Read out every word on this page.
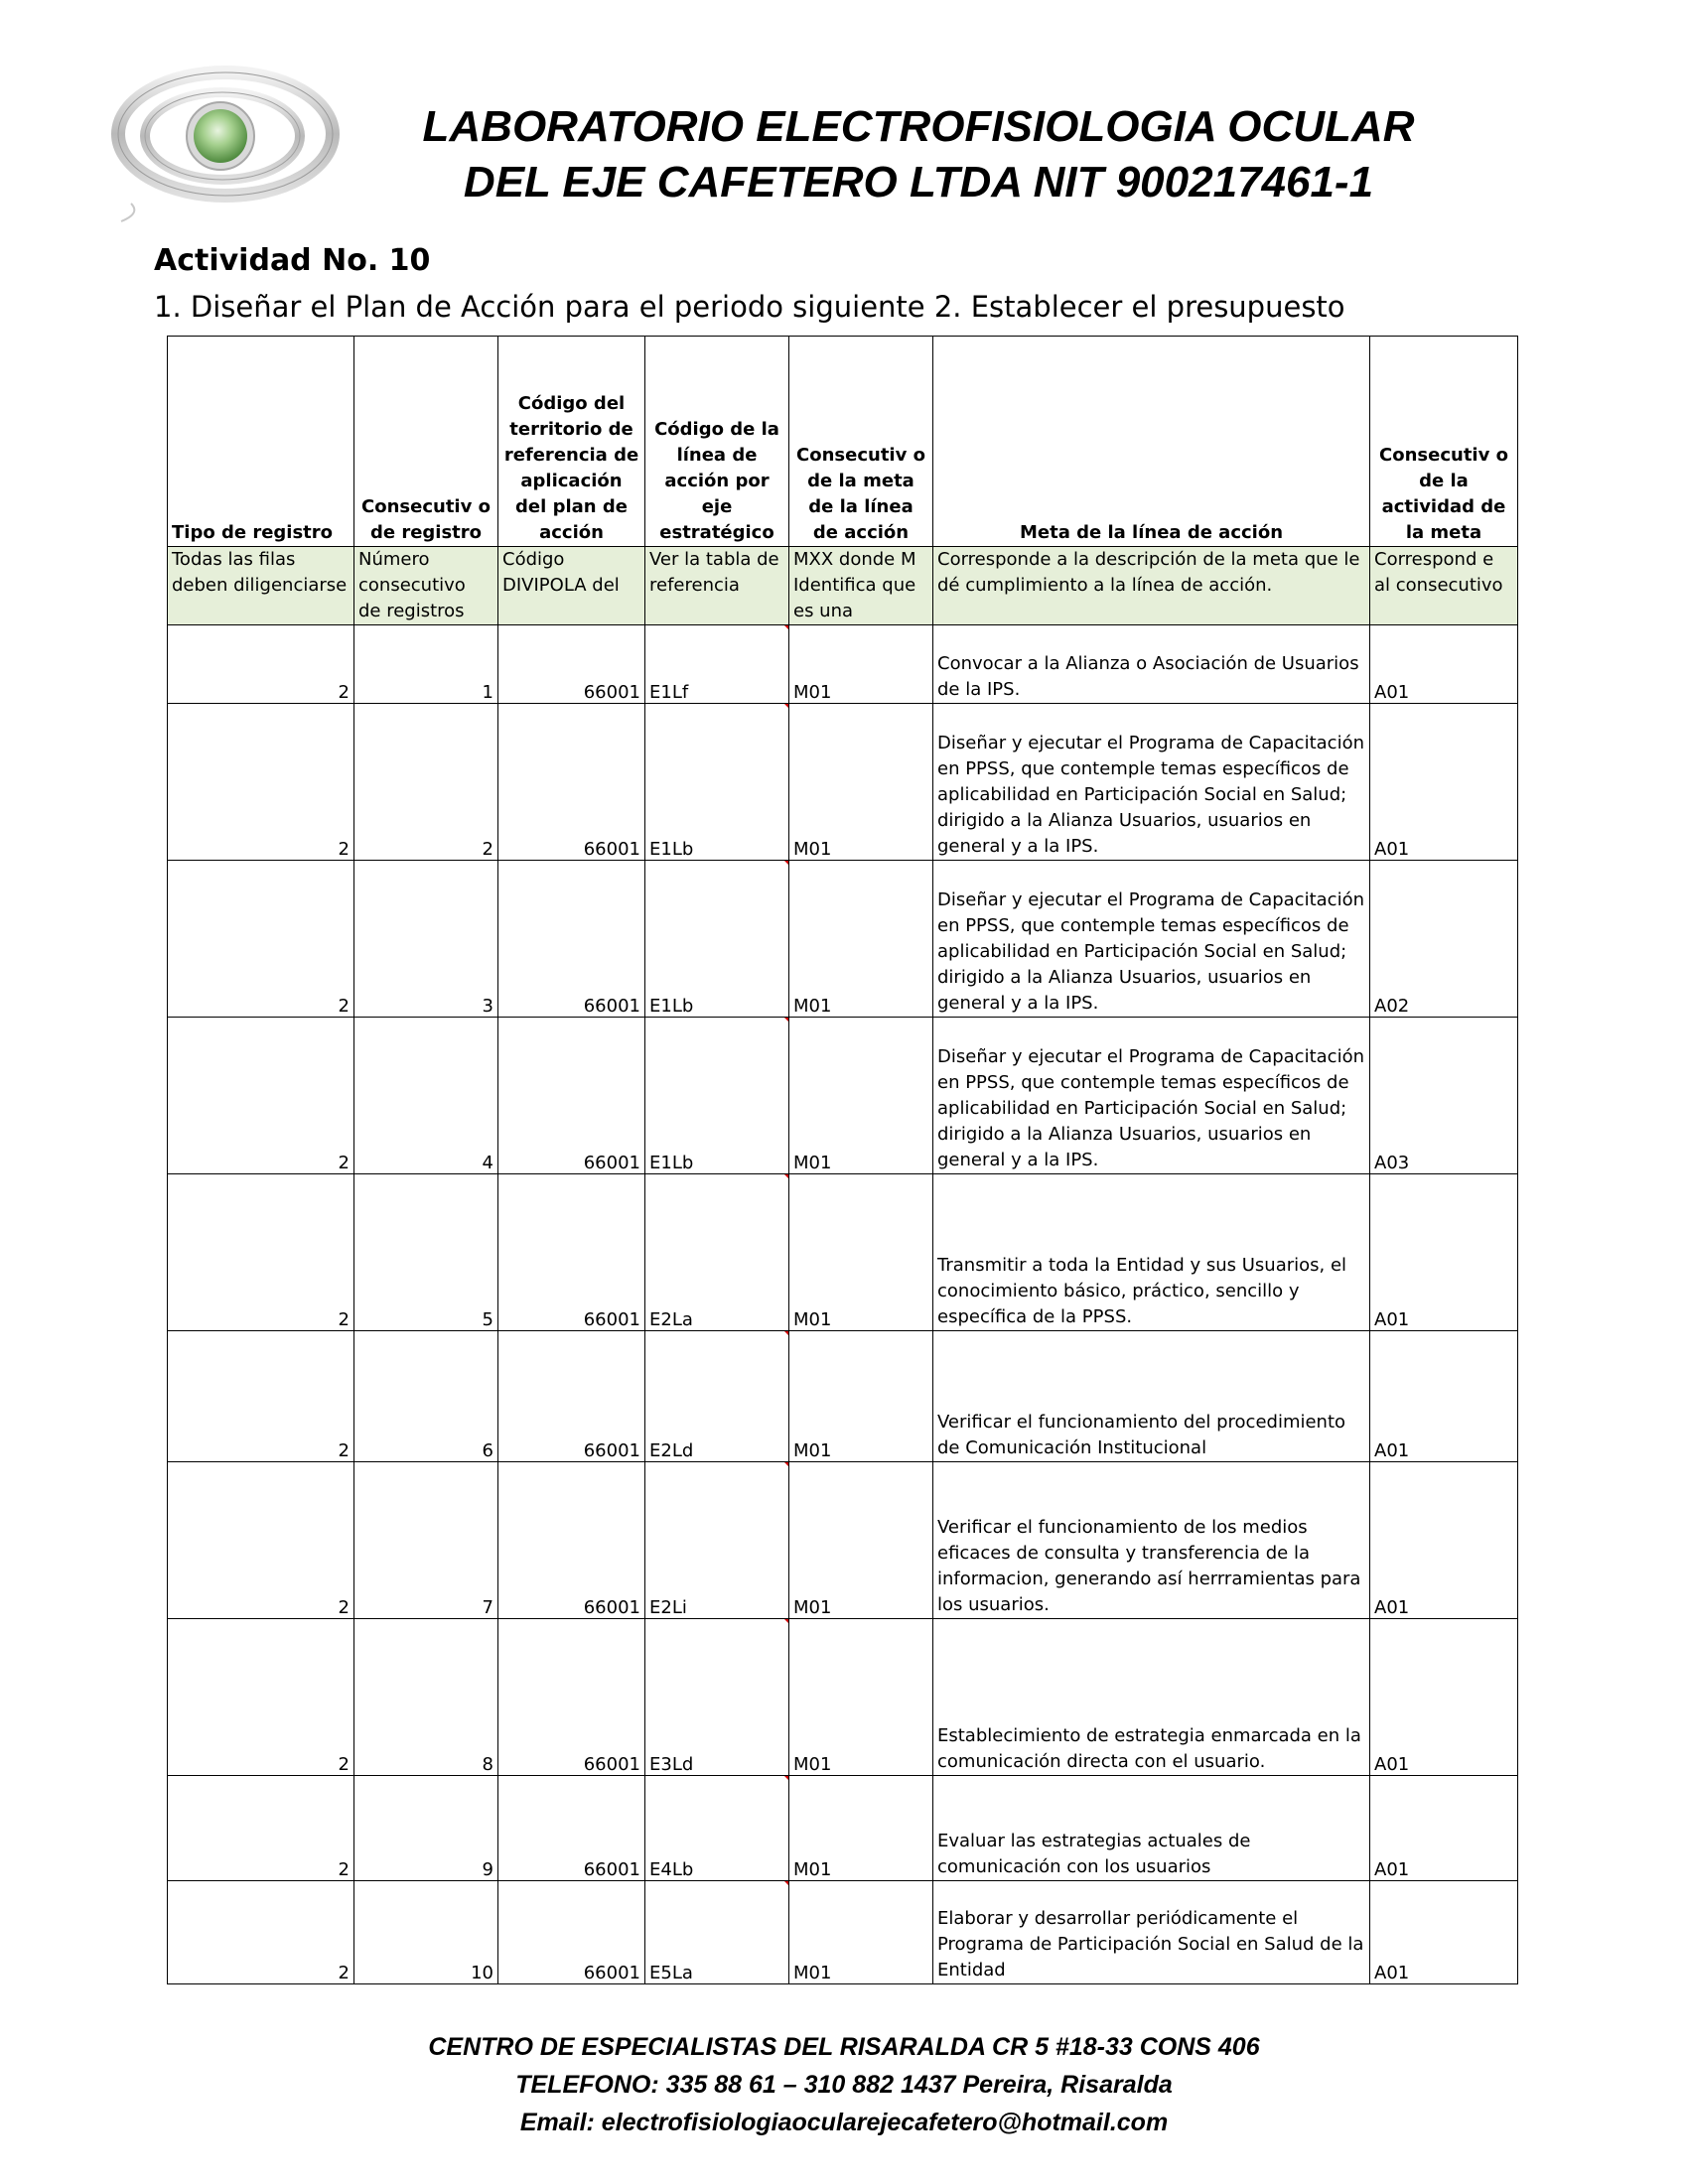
LABORATORIO ELECTROFISIOLOGIA OCULAR
DEL EJE CAFETERO LTDA NIT 900217461-1
Actividad No. 10
1. Diseñar el Plan de Acción para el periodo siguiente 2. Establecer el presupuesto
Tipo de registro	Consecutiv o de registro	Código del territorio de referencia de aplicación del plan de acción	Código de la línea de acción por eje estratégico	Consecutiv o de la meta de la línea de acción	Meta de la línea de acción	Consecutiv o de la actividad de la meta
Todas las filas deben diligenciarse	Número consecutivo de registros	Código DIVIPOLA del	Ver la tabla de referencia	MXX donde M Identifica que es una	Corresponde a la descripción de la meta que le dé cumplimiento a la línea de acción.	Correspond e al consecutivo
2	1	66001	E1Lf	M01	Convocar a la Alianza o Asociación de Usuarios de la IPS.	A01
2	2	66001	E1Lb	M01	Diseñar y ejecutar el Programa de Capacitación en PPSS, que contemple temas específicos de aplicabilidad en Participación Social en Salud; dirigido a la Alianza Usuarios, usuarios en general y a la IPS.	A01
2	3	66001	E1Lb	M01	Diseñar y ejecutar el Programa de Capacitación en PPSS, que contemple temas específicos de aplicabilidad en Participación Social en Salud; dirigido a la Alianza Usuarios, usuarios en general y a la IPS.	A02
2	4	66001	E1Lb	M01	Diseñar y ejecutar el Programa de Capacitación en PPSS, que contemple temas específicos de aplicabilidad en Participación Social en Salud; dirigido a la Alianza Usuarios, usuarios en general y a la IPS.	A03
2	5	66001	E2La	M01	Transmitir a toda la Entidad y sus Usuarios, el conocimiento básico, práctico, sencillo y específica de la PPSS.	A01
2	6	66001	E2Ld	M01	Verificar el funcionamiento del procedimiento de Comunicación Institucional	A01
2	7	66001	E2Li	M01	Verificar el funcionamiento de los medios eficaces de consulta y transferencia de la informacion, generando así herrramientas para los usuarios.	A01
2	8	66001	E3Ld	M01	Establecimiento de estrategia enmarcada en la comunicación directa con el usuario.	A01
2	9	66001	E4Lb	M01	Evaluar las estrategias actuales de comunicación con los usuarios	A01
2	10	66001	E5La	M01	Elaborar y desarrollar periódicamente el Programa de Participación Social en Salud de la Entidad	A01
CENTRO DE ESPECIALISTAS DEL RISARALDA CR 5 #18-33 CONS 406
TELEFONO: 335 88 61 – 310 882 1437 Pereira, Risaralda
Email: electrofisiologiaocularejecafetero@hotmail.com
